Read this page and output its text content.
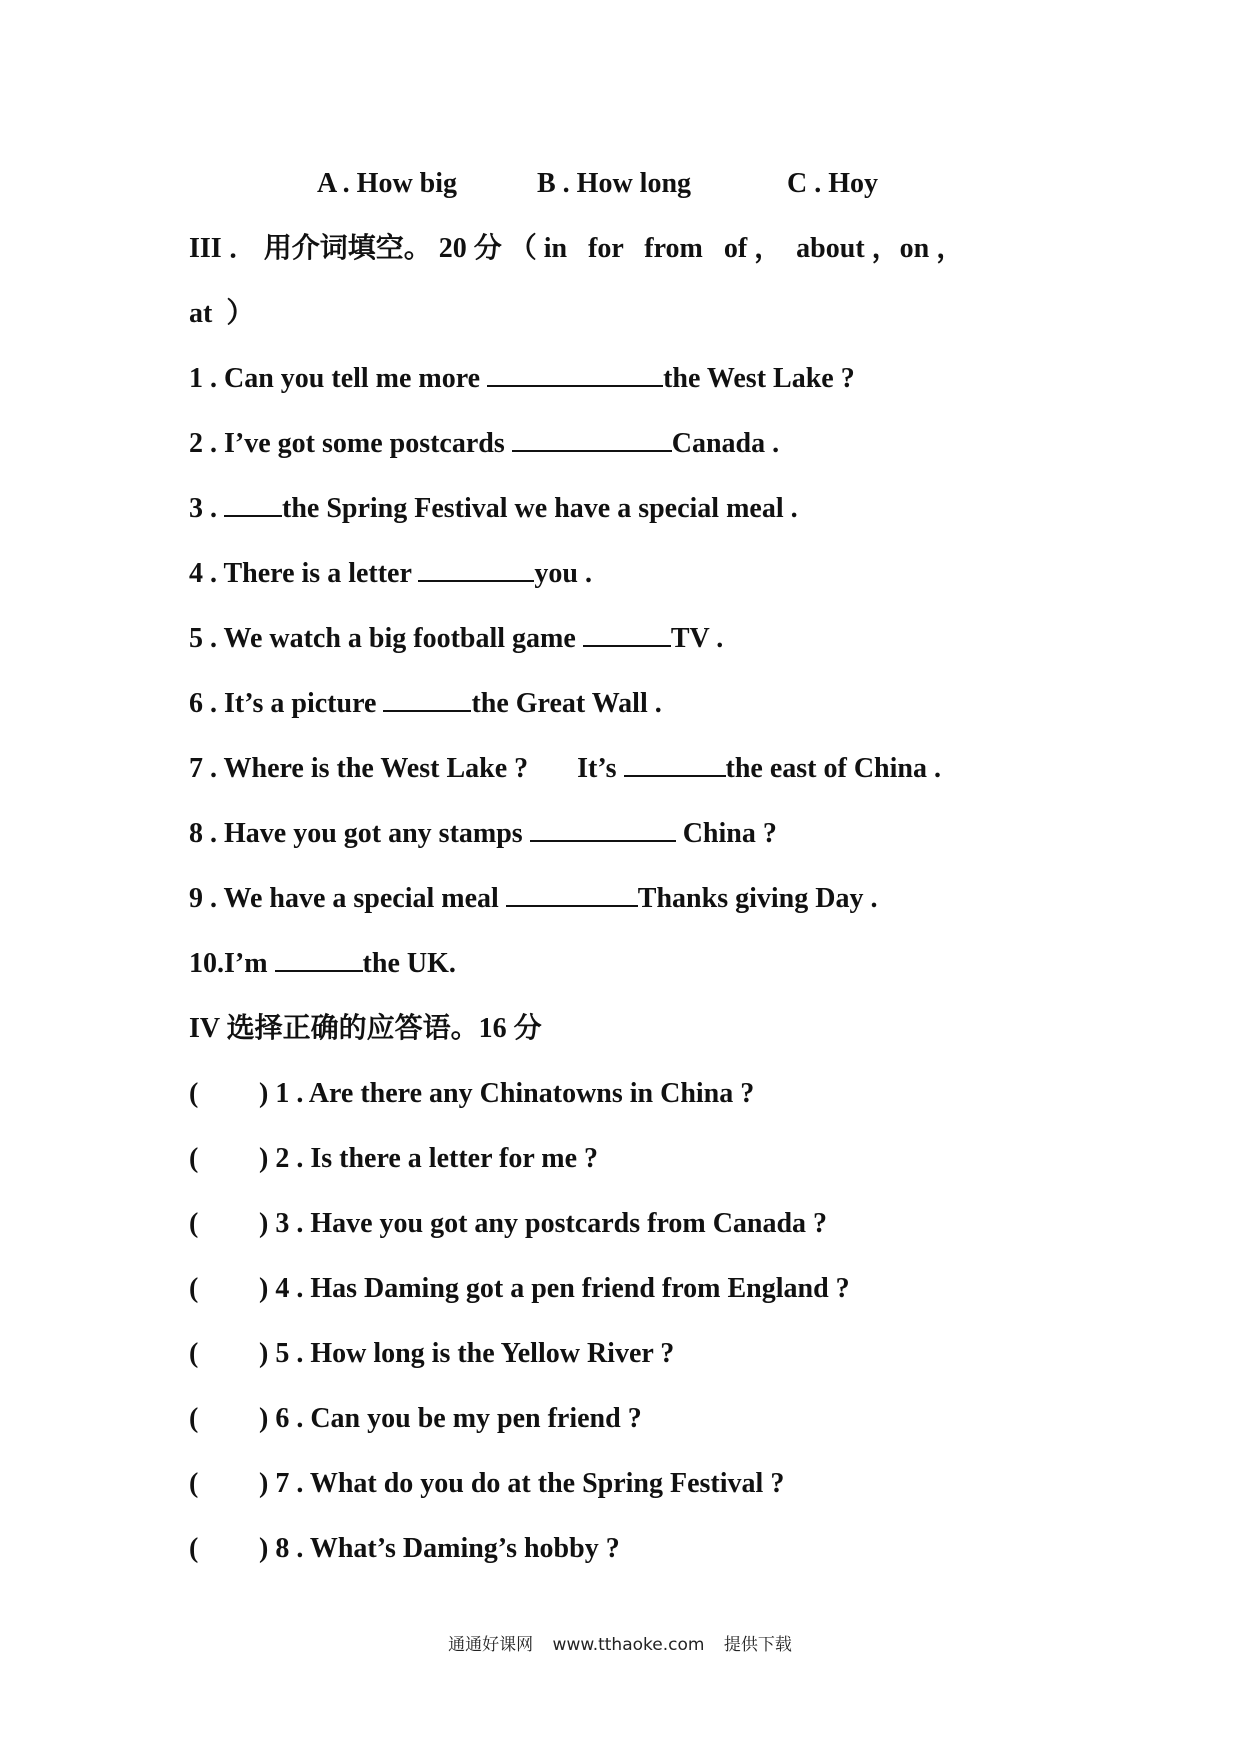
A . How big

	B . How long

	C . Hoy

III ． 用介词填空。 20 分 （ in   for   from   of ，  about ，on ，
at  ）
1 . Can you tell me more	the West Lake ?
2 . I’ve got some postcards	Canada .
3 . the Spring Festival we have a special meal .
4 . There is a letter	you .
5 . We watch a big football game	TV .
6 . It’s a picture	the Great Wall .
7 . Where is the West Lake ?       It’s	the east of China .
8 . Have you got any stamps	China ?
9 . We have a special meal	Thanks giving Day .
10.I’m	the UK.
IV 选择正确的应答语。16 分
( ) 1 . Are there any Chinatowns in China ?
( ) 2 . Is there a letter for me ?
( ) 3 . Have you got any postcards from Canada ?
( ) 4 . Has Daming got a pen friend from England ?
( ) 5 . How long is the Yellow River ?
( ) 6 . Can you be my pen friend ?
( ) 7 . What do you do at the Spring Festival ?
( ) 8 . What’s Daming’s hobby ?
通通好课网 www.tthaoke.com 提供下载
